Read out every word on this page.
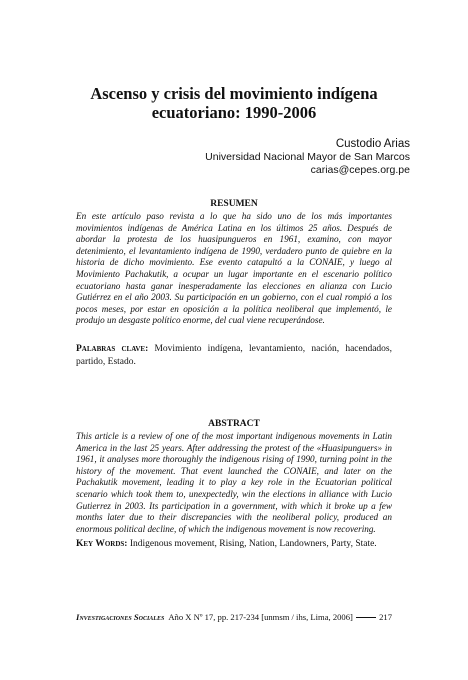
Ascenso y crisis del movimiento indígena
ecuatoriano: 1990-2006
Custodio Arias
Universidad Nacional Mayor de San Marcos
carias@cepes.org.pe
RESUMEN
En este artículo paso revista a lo que ha sido uno de los más importantes movimientos indígenas de América Latina en los últimos 25 años. Después de abordar la protesta de los huasipungueros en 1961, examino, con mayor detenimiento, el levantamiento indígena de 1990, verdadero punto de quiebre en la historia de dicho movimiento. Ese evento catapultó a la CONAIE, y luego al Movimiento Pachakutik, a ocupar un lugar importante en el escenario político ecuatoriano hasta ganar inesperadamente las elecciones en alianza con Lucio Gutiérrez en el año 2003. Su participación en un gobierno, con el cual rompió a los pocos meses, por estar en oposición a la política neoliberal que implementó, le produjo un desgaste político enorme, del cual viene recuperándose.
Palabras clave: Movimiento indígena, levantamiento, nación, hacendados, partido, Estado.
ABSTRACT
This article is a review of one of the most important indigenous movements in Latin America in the last 25 years. After addressing the protest of the «Huasipunguers» in 1961, it analyses more thoroughly the indigenous rising of 1990, turning point in the history of the movement. That event launched the CONAIE, and later on the Pachakutik movement, leading it to play a key role in the Ecuatorian political scenario which took them to, unexpectedly, win the elections in alliance with Lucio Gutierrez in 2003. Its participation in a government, with which it broke up a few months later due to their discrepancies with the neoliberal policy, produced an enormous political decline, of which the indigenous movement is now recovering.
Key Words: Indigenous movement, Rising, Nation, Landowners, Party, State.
Investigaciones Sociales Año X Nº 17, pp. 217-234 [unmsm / ihs, Lima, 2006]	217
